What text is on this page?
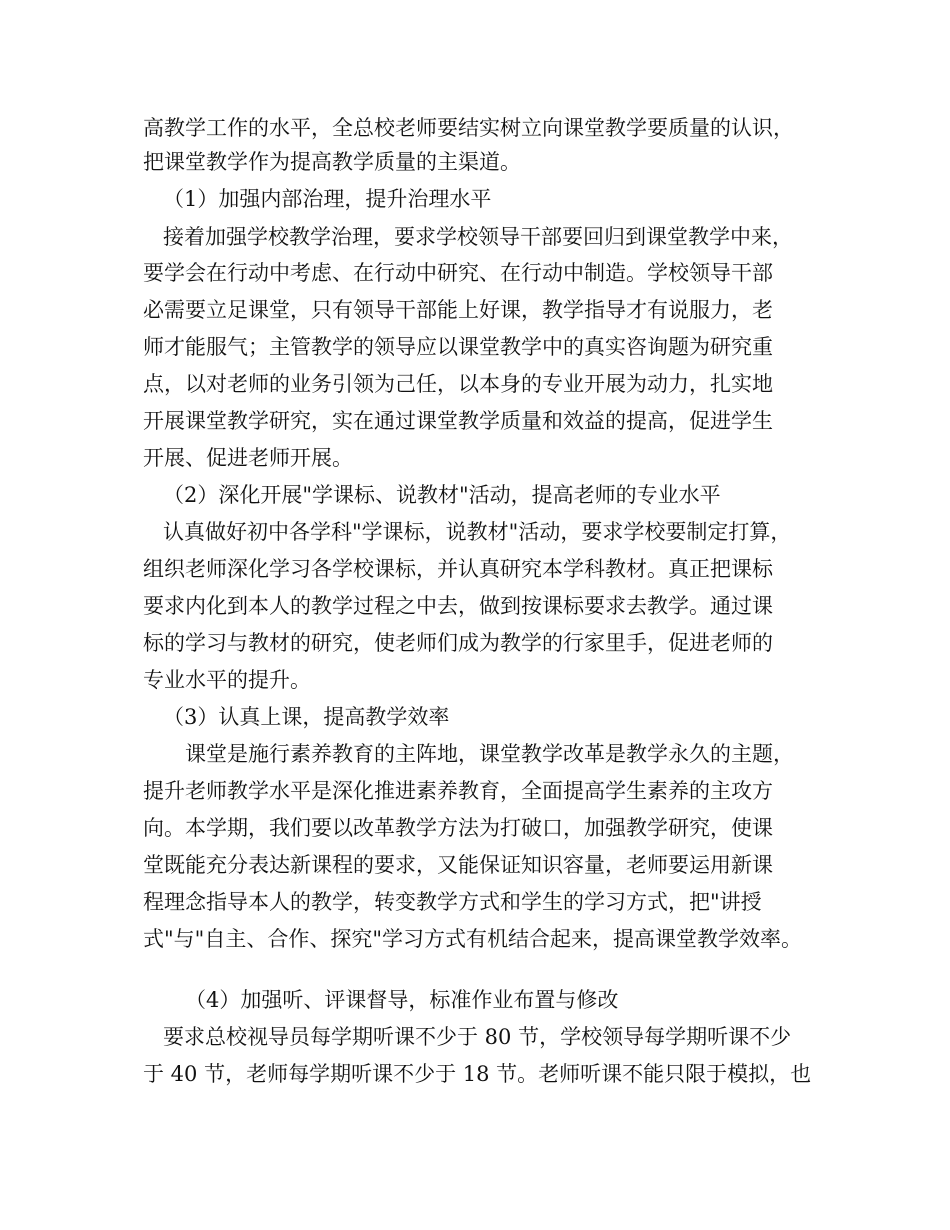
高教学工作的水平，全总校老师要结实树立向课堂教学要质量的认识，
把课堂教学作为提高教学质量的主渠道。
（1）加强内部治理，提升治理水平
接着加强学校教学治理，要求学校领导干部要回归到课堂教学中来，
要学会在行动中考虑、在行动中研究、在行动中制造。学校领导干部
必需要立足课堂，只有领导干部能上好课，教学指导才有说服力，老
师才能服气；主管教学的领导应以课堂教学中的真实咨询题为研究重
点，以对老师的业务引领为己任，以本身的专业开展为动力，扎实地
开展课堂教学研究，实在通过课堂教学质量和效益的提高，促进学生
开展、促进老师开展。
（2）深化开展"学课标、说教材"活动，提高老师的专业水平
认真做好初中各学科"学课标，说教材"活动，要求学校要制定打算，
组织老师深化学习各学校课标，并认真研究本学科教材。真正把课标
要求内化到本人的教学过程之中去，做到按课标要求去教学。通过课
标的学习与教材的研究，使老师们成为教学的行家里手，促进老师的
专业水平的提升。
（3）认真上课，提高教学效率
课堂是施行素养教育的主阵地，课堂教学改革是教学永久的主题，
提升老师教学水平是深化推进素养教育，全面提高学生素养的主攻方
向。本学期，我们要以改革教学方法为打破口，加强教学研究，使课
堂既能充分表达新课程的要求，又能保证知识容量，老师要运用新课
程理念指导本人的教学，转变教学方式和学生的学习方式，把"讲授
式"与"自主、合作、探究"学习方式有机结合起来，提高课堂教学效率。
（4）加强听、评课督导，标准作业布置与修改
要求总校视导员每学期听课不少于 80 节，学校领导每学期听课不少
于 40 节，老师每学期听课不少于 18 节。老师听课不能只限于模拟，也
